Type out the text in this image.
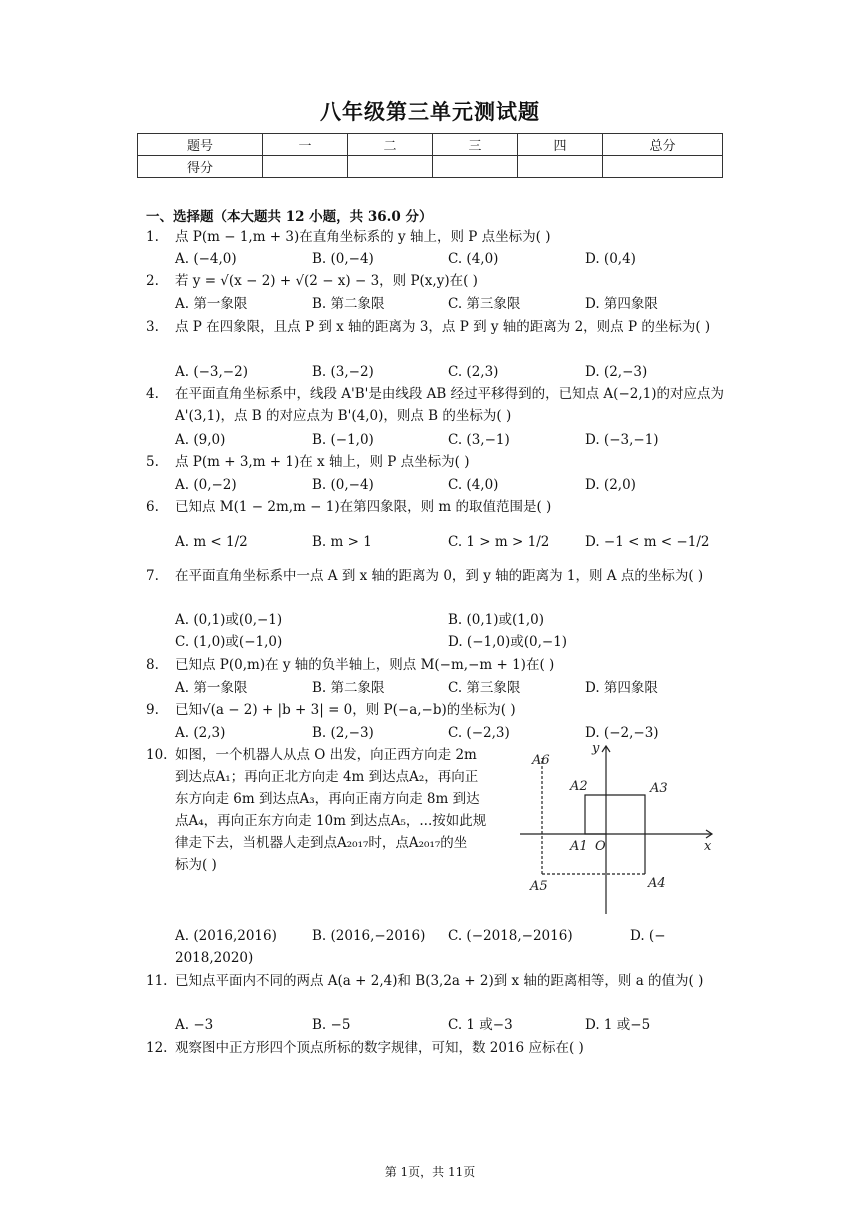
八年级第三单元测试题
题号	一	二	三	四	总分
得分					
一、选择题（本大题共 12 小题，共 36.0 分）
1.	点 P(m − 1,m + 3)在直角坐标系的 y 轴上，则 P 点坐标为( )
A. (−4,0)	B. (0,−4)	C. (4,0)	D. (0,4)
2.	若 y = √(x − 2) + √(2 − x) − 3，则 P(x,y)在( )
A. 第一象限	B. 第二象限	C. 第三象限	D. 第四象限
3.	点 P 在四象限，且点 P 到 x 轴的距离为 3，点 P 到 y 轴的距离为 2，则点 P 的坐标为( )
A. (−3,−2)	B. (3,−2)	C. (2,3)	D. (2,−3)
4.	在平面直角坐标系中，线段 A'B'是由线段 AB 经过平移得到的，已知点 A(−2,1)的对应点为 A'(3,1)，点 B 的对应点为 B'(4,0)，则点 B 的坐标为( )
A. (9,0)	B. (−1,0)	C. (3,−1)	D. (−3,−1)
5.	点 P(m + 3,m + 1)在 x 轴上，则 P 点坐标为( )
A. (0,−2)	B. (0,−4)	C. (4,0)	D. (2,0)
6.	已知点 M(1 − 2m,m − 1)在第四象限，则 m 的取值范围是( )
A. m < 1/2	B. m > 1	C. 1 > m > 1/2	D. −1 < m < −1/2
7.	在平面直角坐标系中一点 A 到 x 轴的距离为 0，到 y 轴的距离为 1，则 A 点的坐标为( )
A. (0,1)或(0,−1)	B. (0,1)或(1,0)
C. (1,0)或(−1,0)	D. (−1,0)或(0,−1)
8.	已知点 P(0,m)在 y 轴的负半轴上，则点 M(−m,−m + 1)在( )
A. 第一象限	B. 第二象限	C. 第三象限	D. 第四象限
9.	已知√(a − 2) + |b + 3| = 0，则 P(−a,−b)的坐标为( )
A. (2,3)	B. (2,−3)	C. (−2,3)	D. (−2,−3)
10. 如图，一个机器人从点 O 出发，向正西方向走 2m
到达点A₁；再向正北方向走 4m 到达点A₂，再向正
东方向走 6m 到达点A₃，再向正南方向走 8m 到达
点A₄，再向正东方向走 10m 到达点A₅，...按如此规
律走下去，当机器人走到点A₂₀₁₇时，点A₂₀₁₇的坐
标为( )
A6
A2	A3
A1 O	x
y
A5	A4
A. (2016,2016)	B. (2016,−2016) C. (−2018,−2016)	D. (−
2018,2020)
11. 已知点平面内不同的两点 A(a + 2,4)和 B(3,2a + 2)到 x 轴的距离相等，则 a 的值为( )
A. −3	B. −5	C. 1 或−3	D. 1 或−5
12. 观察图中正方形四个顶点所标的数字规律，可知，数 2016 应标在( )
第 1页，共 11页
